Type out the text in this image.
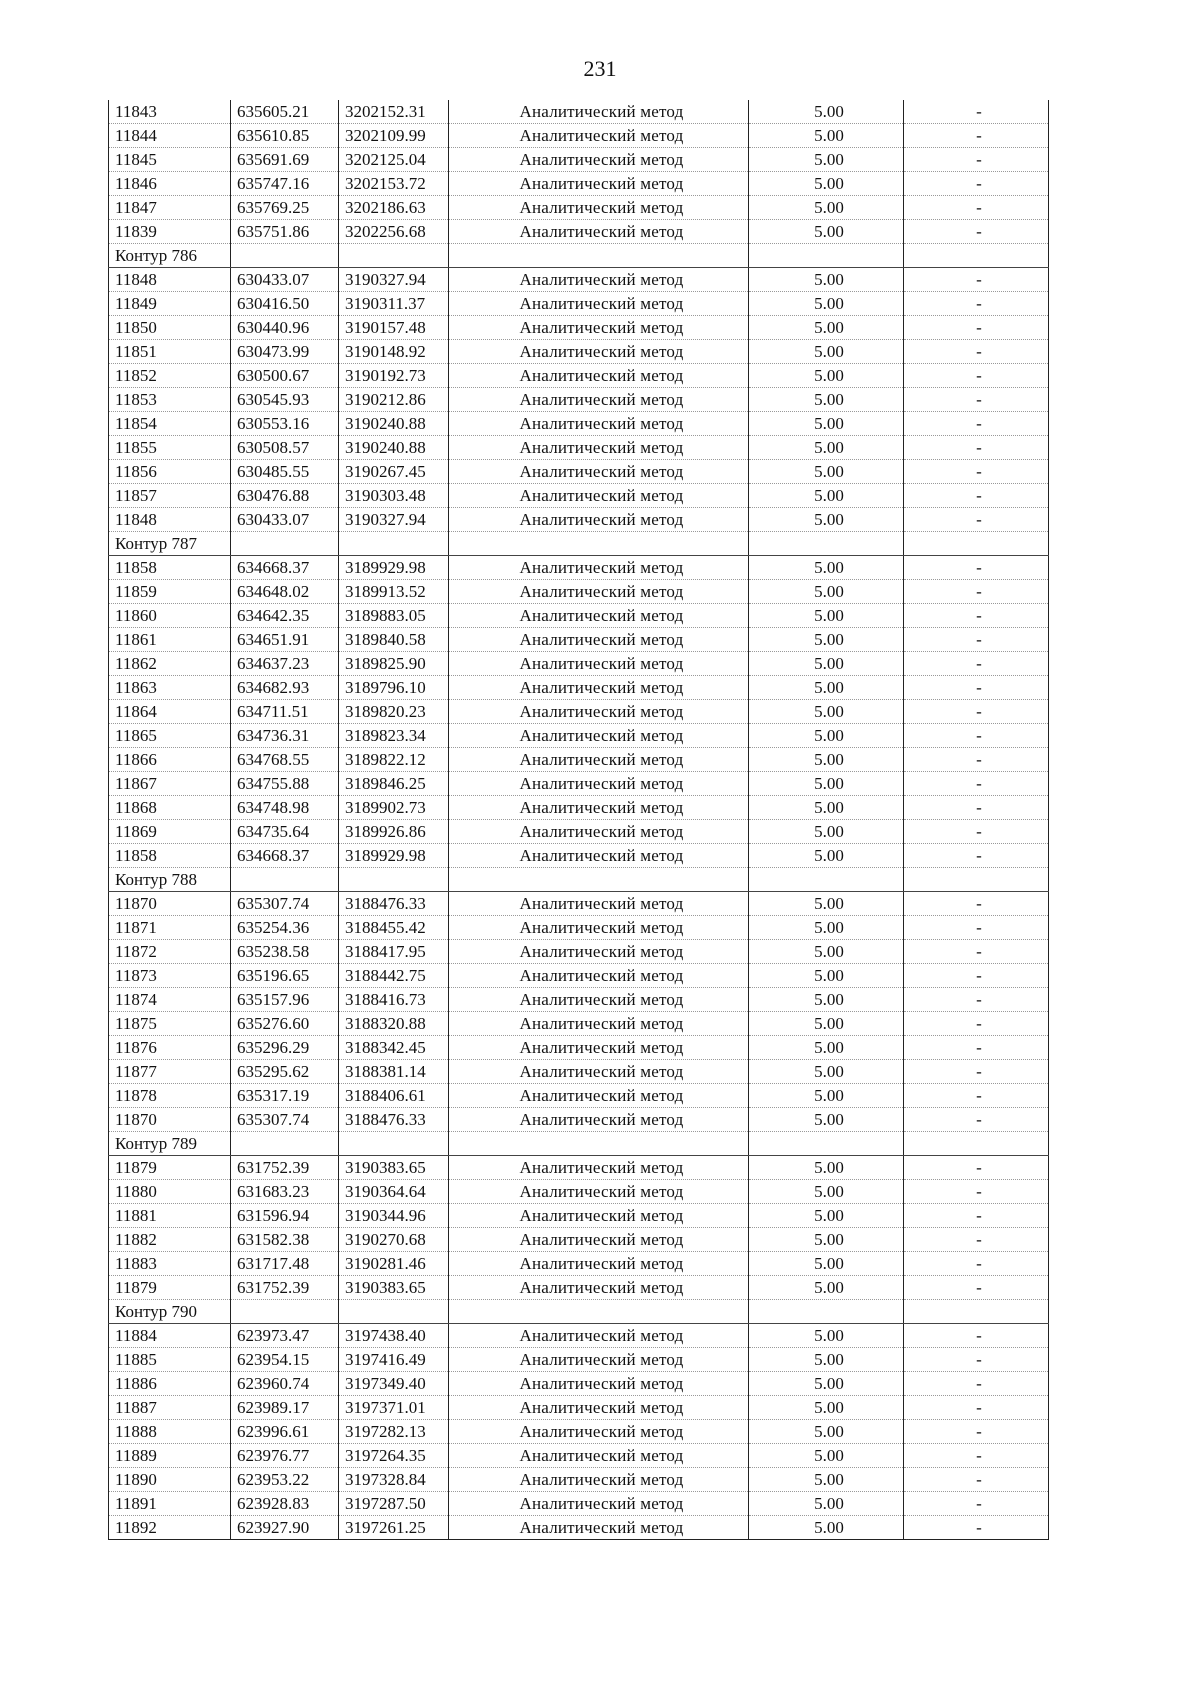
231
11843	635605.21	3202152.31	Аналитический метод	5.00	-
11844	635610.85	3202109.99	Аналитический метод	5.00	-
11845	635691.69	3202125.04	Аналитический метод	5.00	-
11846	635747.16	3202153.72	Аналитический метод	5.00	-
11847	635769.25	3202186.63	Аналитический метод	5.00	-
11839	635751.86	3202256.68	Аналитический метод	5.00	-
Контур 786					
11848	630433.07	3190327.94	Аналитический метод	5.00	-
11849	630416.50	3190311.37	Аналитический метод	5.00	-
11850	630440.96	3190157.48	Аналитический метод	5.00	-
11851	630473.99	3190148.92	Аналитический метод	5.00	-
11852	630500.67	3190192.73	Аналитический метод	5.00	-
11853	630545.93	3190212.86	Аналитический метод	5.00	-
11854	630553.16	3190240.88	Аналитический метод	5.00	-
11855	630508.57	3190240.88	Аналитический метод	5.00	-
11856	630485.55	3190267.45	Аналитический метод	5.00	-
11857	630476.88	3190303.48	Аналитический метод	5.00	-
11848	630433.07	3190327.94	Аналитический метод	5.00	-
Контур 787					
11858	634668.37	3189929.98	Аналитический метод	5.00	-
11859	634648.02	3189913.52	Аналитический метод	5.00	-
11860	634642.35	3189883.05	Аналитический метод	5.00	-
11861	634651.91	3189840.58	Аналитический метод	5.00	-
11862	634637.23	3189825.90	Аналитический метод	5.00	-
11863	634682.93	3189796.10	Аналитический метод	5.00	-
11864	634711.51	3189820.23	Аналитический метод	5.00	-
11865	634736.31	3189823.34	Аналитический метод	5.00	-
11866	634768.55	3189822.12	Аналитический метод	5.00	-
11867	634755.88	3189846.25	Аналитический метод	5.00	-
11868	634748.98	3189902.73	Аналитический метод	5.00	-
11869	634735.64	3189926.86	Аналитический метод	5.00	-
11858	634668.37	3189929.98	Аналитический метод	5.00	-
Контур 788					
11870	635307.74	3188476.33	Аналитический метод	5.00	-
11871	635254.36	3188455.42	Аналитический метод	5.00	-
11872	635238.58	3188417.95	Аналитический метод	5.00	-
11873	635196.65	3188442.75	Аналитический метод	5.00	-
11874	635157.96	3188416.73	Аналитический метод	5.00	-
11875	635276.60	3188320.88	Аналитический метод	5.00	-
11876	635296.29	3188342.45	Аналитический метод	5.00	-
11877	635295.62	3188381.14	Аналитический метод	5.00	-
11878	635317.19	3188406.61	Аналитический метод	5.00	-
11870	635307.74	3188476.33	Аналитический метод	5.00	-
Контур 789					
11879	631752.39	3190383.65	Аналитический метод	5.00	-
11880	631683.23	3190364.64	Аналитический метод	5.00	-
11881	631596.94	3190344.96	Аналитический метод	5.00	-
11882	631582.38	3190270.68	Аналитический метод	5.00	-
11883	631717.48	3190281.46	Аналитический метод	5.00	-
11879	631752.39	3190383.65	Аналитический метод	5.00	-
Контур 790					
11884	623973.47	3197438.40	Аналитический метод	5.00	-
11885	623954.15	3197416.49	Аналитический метод	5.00	-
11886	623960.74	3197349.40	Аналитический метод	5.00	-
11887	623989.17	3197371.01	Аналитический метод	5.00	-
11888	623996.61	3197282.13	Аналитический метод	5.00	-
11889	623976.77	3197264.35	Аналитический метод	5.00	-
11890	623953.22	3197328.84	Аналитический метод	5.00	-
11891	623928.83	3197287.50	Аналитический метод	5.00	-
11892	623927.90	3197261.25	Аналитический метод	5.00	-
